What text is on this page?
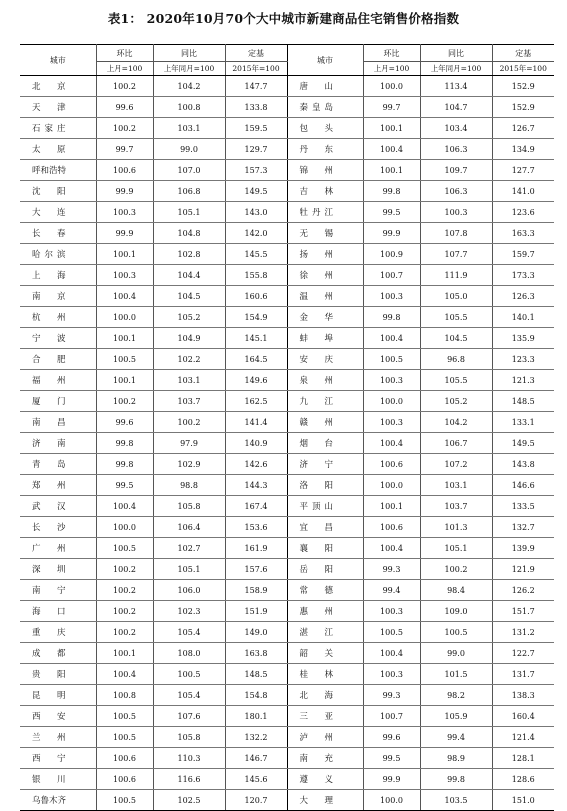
表1： 2020年10月70个大中城市新建商品住宅销售价格指数
城市	环比	同比	定基	城市	环比	同比	定基
	上月=100	上年同月=100	2015年=100		上月=100	上年同月=100	2015年=100
北　京	100.2	104.2	147.7	唐　山	100.0	113.4	152.9
天　津	99.6	100.8	133.8	秦皇岛	99.7	104.7	152.9
石家庄	100.2	103.1	159.5	包　头	100.1	103.4	126.7
太　原	99.7	99.0	129.7	丹　东	100.4	106.3	134.9
呼和浩特	100.6	107.0	157.3	锦　州	100.1	109.7	127.7
沈　阳	99.9	106.8	149.5	吉　林	99.8	106.3	141.0
大　连	100.3	105.1	143.0	牡丹江	99.5	100.3	123.6
长　春	99.9	104.8	142.0	无　锡	99.9	107.8	163.3
哈尔滨	100.1	102.8	145.5	扬　州	100.9	107.7	159.7
上　海	100.3	104.4	155.8	徐　州	100.7	111.9	173.3
南　京	100.4	104.5	160.6	温　州	100.3	105.0	126.3
杭　州	100.0	105.2	154.9	金　华	99.8	105.5	140.1
宁　波	100.1	104.9	145.1	蚌　埠	100.4	104.5	135.9
合　肥	100.5	102.2	164.5	安　庆	100.5	96.8	123.3
福　州	100.1	103.1	149.6	泉　州	100.3	105.5	121.3
厦　门	100.2	103.7	162.5	九　江	100.0	105.2	148.5
南　昌	99.6	100.2	141.4	赣　州	100.3	104.2	133.1
济　南	99.8	97.9	140.9	烟　台	100.4	106.7	149.5
青　岛	99.8	102.9	142.6	济　宁	100.6	107.2	143.8
郑　州	99.5	98.8	144.3	洛　阳	100.0	103.1	146.6
武　汉	100.4	105.8	167.4	平顶山	100.1	103.7	133.5
长　沙	100.0	106.4	153.6	宜　昌	100.6	101.3	132.7
广　州	100.5	102.7	161.9	襄　阳	100.4	105.1	139.9
深　圳	100.2	105.1	157.6	岳　阳	99.3	100.2	121.9
南　宁	100.2	106.0	158.9	常　德	99.4	98.4	126.2
海　口	100.2	102.3	151.9	惠　州	100.3	109.0	151.7
重　庆	100.2	105.4	149.0	湛　江	100.5	100.5	131.2
成　都	100.1	108.0	163.8	韶　关	100.4	99.0	122.7
贵　阳	100.4	100.5	148.5	桂　林	100.3	101.5	131.7
昆　明	100.8	105.4	154.8	北　海	99.3	98.2	138.3
西　安	100.5	107.6	180.1	三　亚	100.7	105.9	160.4
兰　州	100.5	105.8	132.2	泸　州	99.6	99.4	121.4
西　宁	100.6	110.3	146.7	南　充	99.5	98.9	128.1
银　川	100.6	116.6	145.6	遵　义	99.9	99.8	128.6
乌鲁木齐	100.5	102.5	120.7	大　理	100.0	103.5	151.0
